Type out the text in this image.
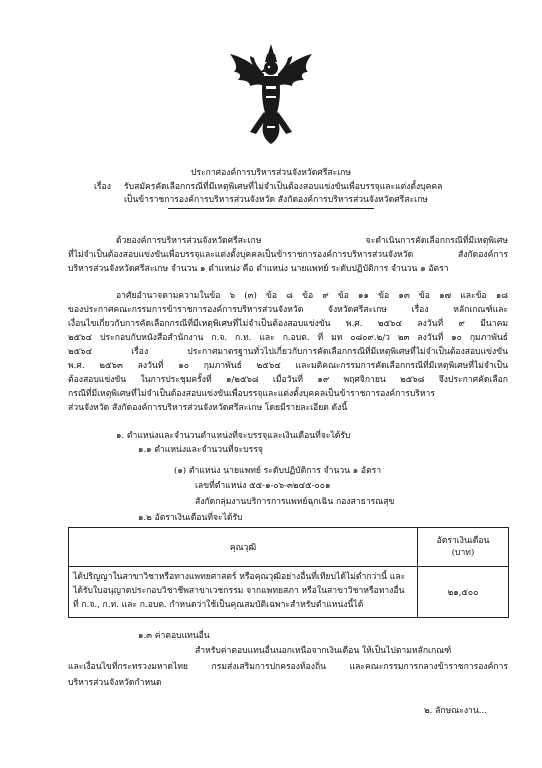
ประกาศองค์การบริหารส่วนจังหวัดศรีสะเกษ
เรื่อง รับสมัครคัดเลือกกรณีที่มีเหตุพิเศษที่ไม่จำเป็นต้องสอบแข่งขันเพื่อบรรจุและแต่งตั้งบุคคล
เป็นข้าราชการองค์การบริหารส่วนจังหวัด สังกัดองค์การบริหารส่วนจังหวัดศรีสะเกษ
ด้วยองค์การบริหารส่วนจังหวัดศรีสะเกษ จะดำเนินการคัดเลือกกรณีที่มีเหตุพิเศษ
ที่ไม่จำเป็นต้องสอบแข่งขันเพื่อบรรจุและแต่งตั้งบุคคลเป็นข้าราชการองค์การบริหารส่วนจังหวัด สังกัดองค์การ
บริหารส่วนจังหวัดศรีสะเกษ จำนวน ๑ ตำแหน่ง คือ ตำแหน่ง นายแพทย์ ระดับปฏิบัติการ จำนวน ๑ อัตรา
อาศัยอำนาจตามความในข้อ ๖ (๓) ข้อ ๘ ข้อ ๙ ข้อ ๑๑ ข้อ ๑๓ ข้อ ๑๗ และข้อ ๑๘
ของประกาศคณะกรรมการข้าราชการองค์การบริหารส่วนจังหวัด จังหวัดศรีสะเกษ เรื่อง หลักเกณฑ์และ
เงื่อนไขเกี่ยวกับการคัดเลือกกรณีที่มีเหตุพิเศษที่ไม่จำเป็นต้องสอบแข่งขัน พ.ศ. ๒๕๖๔ ลงวันที่ ๙ มีนาคม
๒๕๖๔ ประกอบกับหนังสือสำนักงาน ก.จ. ก.ท. และ ก.อบต. ที่ มท ๐๘๐๙.๒/ว ๒๓ ลงวันที่ ๑๐ กุมภาพันธ์
๒๕๖๔ เรื่อง ประกาศมาตรฐานทั่วไปเกี่ยวกับการคัดเลือกกรณีที่มีเหตุพิเศษที่ไม่จำเป็นต้องสอบแข่งขัน
พ.ศ. ๒๕๖๓ ลงวันที่ ๑๐ กุมภาพันธ์ ๒๕๖๔ และมติคณะกรรมการคัดเลือกกรณีที่มีเหตุพิเศษที่ไม่จำเป็น
ต้องสอบแข่งขัน ในการประชุมครั้งที่ ๑/๒๕๖๘ เมื่อวันที่ ๑๙ พฤศจิกายน ๒๕๖๘ จึงประกาศคัดเลือก
กรณีที่มีเหตุพิเศษที่ไม่จำเป็นต้องสอบแข่งขันเพื่อบรรจุและแต่งตั้งบุคคลเป็นข้าราชการองค์การบริหาร
ส่วนจังหวัด สังกัดองค์การบริหารส่วนจังหวัดศรีสะเกษ โดยมีรายละเอียด ดังนี้
๑. ตำแหน่งและจำนวนตำแหน่งที่จะบรรจุและเงินเดือนที่จะได้รับ
๑.๑ ตำแหน่งและจำนวนที่จะบรรจุ
(๑) ตำแหน่ง นายแพทย์ ระดับปฏิบัติการ จำนวน ๑ อัตรา
เลขที่ตำแหน่ง ๕๕-๑-๐๖-๓๒๔๕-๐๐๑
สังกัดกลุ่มงานบริการการแพทย์ฉุกเฉิน กองสาธารณสุข
๑.๒ อัตราเงินเดือนที่จะได้รับ
คุณวุฒิ	อัตราเงินเดือน
(บาท)

ได้ปริญญาในสาขาวิชาหรือทางแพทยศาสตร์ หรือคุณวุฒิอย่างอื่นที่เทียบได้ไม่ต่ำกว่านี้ และ
ได้รับใบอนุญาตประกอบวิชาชีพสาขาเวชกรรม จากแพทยสภา หรือในสาขาวิชาหรือทางอื่น
ที่ ก.จ., ก.ท. และ ก.อบต. กำหนดว่าใช้เป็นคุณสมบัติเฉพาะสำหรับตำแหน่งนี้ได้	๒๑,๕๐๐
๑.๓ ค่าตอบแทนอื่น
สำหรับค่าตอบแทนอื่นนอกเหนือจากเงินเดือน ให้เป็นไปตามหลักเกณฑ์
และเงื่อนไขที่กระทรวงมหาดไทย กรมส่งเสริมการปกครองท้องถิ่น และคณะกรรมการกลางข้าราชการองค์การ
บริหารส่วนจังหวัดกำหนด
๒. ลักษณะงาน...
